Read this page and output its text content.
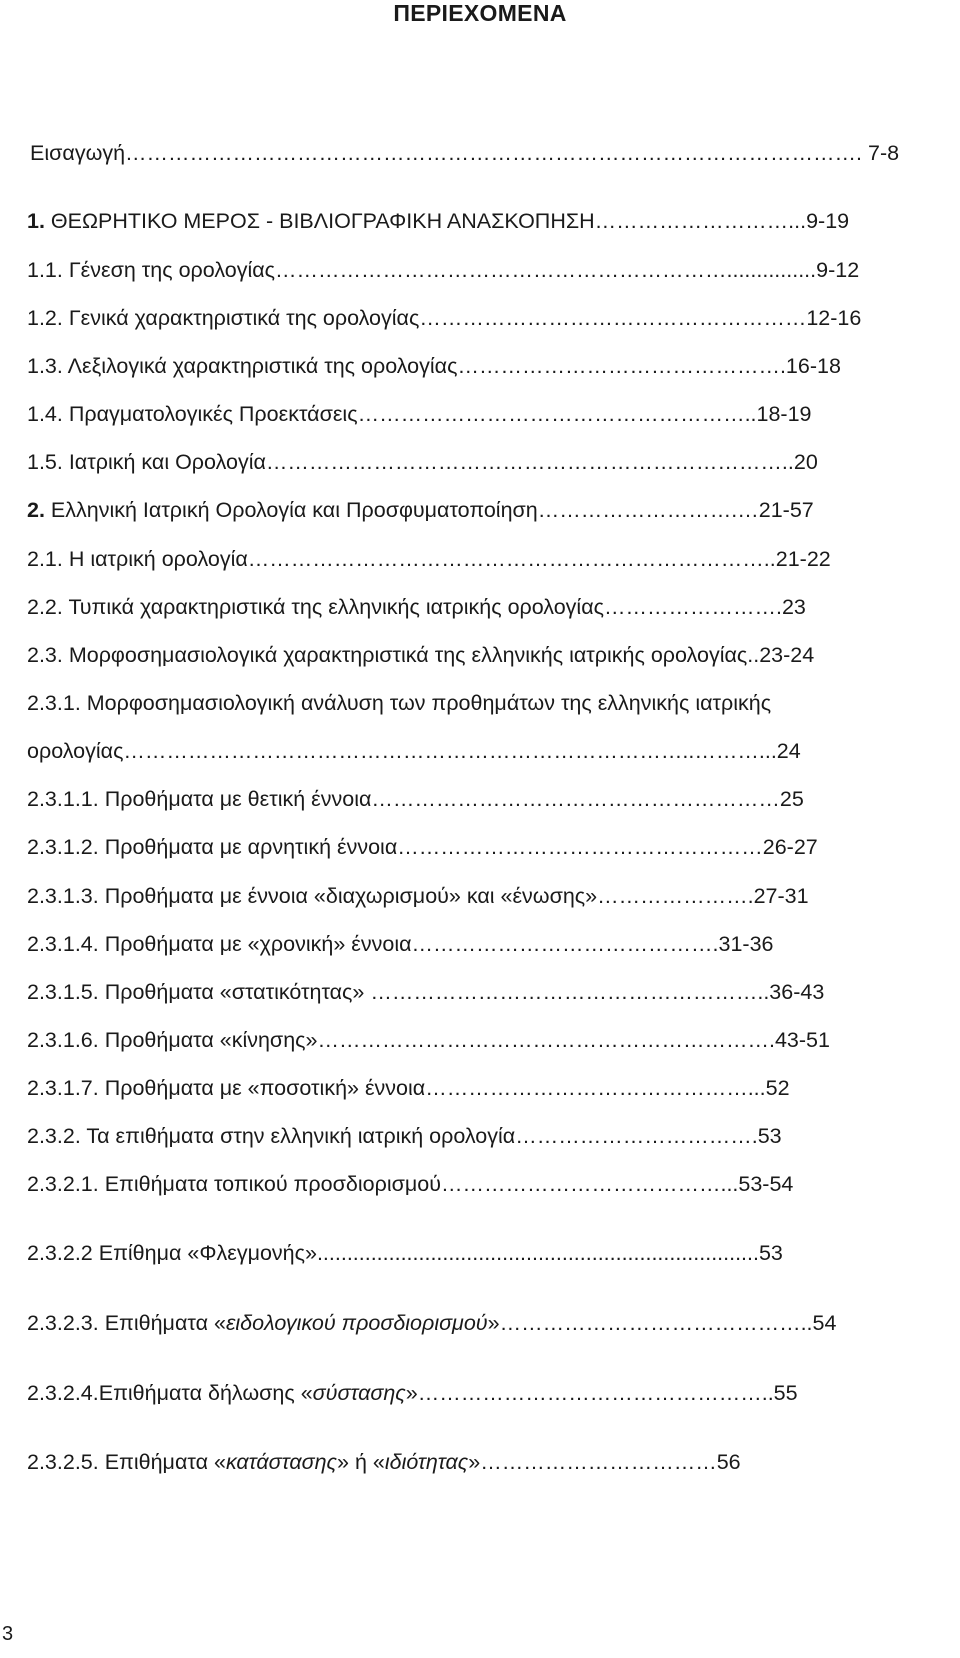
ΠΕΡΙΕΧΟΜΕΝΑ
Εισαγωγή…………………………………………………………………………………………. 7-8
1. ΘΕΩΡΗΤΙΚΟ ΜΕΡΟΣ - ΒΙΒΛΙΟΓΡΑΦΙΚΗ ΑΝΑΣΚΟΠΗΣΗ………………………...9-19
1.1. Γένεση της ορολογίας………………………………………………………...............9-12
1.2. Γενικά χαρακτηριστικά της ορολογίας………………………………………………12-16
1.3. Λεξιλογικά χαρακτηριστικά της ορολογίας……………………………………….16-18
1.4. Πραγματολογικές Προεκτάσεις………………………………………………..18-19
1.5. Ιατρική και Ορολογία………………………………………………………………..20
2. Ελληνική Ιατρική Ορολογία και Προσφυματοποίηση……………………….…21-57
2.1. Η ιατρική ορολογία………………………………………………………………..21-22
2.2. Τυπικά χαρακτηριστικά της ελληνικής ιατρικής ορολογίας…………………….23
2.3. Μορφοσημασιολογικά χαρακτηριστικά της ελληνικής ιατρικής ορολογίας..23-24
2.3.1. Μορφοσημασιολογική ανάλυση των προθημάτων της ελληνικής ιατρικής
ορολογίας……………………………………………………………………..………...24
2.3.1.1. Προθήματα με θετική έννοια…………………………………………………25
2.3.1.2. Προθήματα με αρνητική έννοια……………………………………………26-27
2.3.1.3. Προθήματα με έννοια «διαχωρισμού» και «ένωσης»………………….27-31
2.3.1.4. Προθήματα με «χρονική» έννοια…………………………………….31-36
2.3.1.5. Προθήματα «στατικότητας» ………………………………………………..36-43
2.3.1.6. Προθήματα «κίνησης»……………………………………………………….43-51
2.3.1.7. Προθήματα με «ποσοτική» έννοια………………………………………...52
2.3.2. Τα επιθήματα στην ελληνική ιατρική ορολογία…………………………….53
2.3.2.1. Επιθήματα τοπικού προσδιορισμού…………………………………...53-54
2.3.2.2 Επίθημα «Φλεγμονής»..........................................................................53
2.3.2.3. Επιθήματα «ειδολογικού προσδιορισμού»……………………………………..54
2.3.2.4.Επιθήματα δήλωσης «σύστασης»…………………………………………..55
2.3.2.5. Επιθήματα «κατάστασης» ή «ιδιότητας»……………………………56
3
